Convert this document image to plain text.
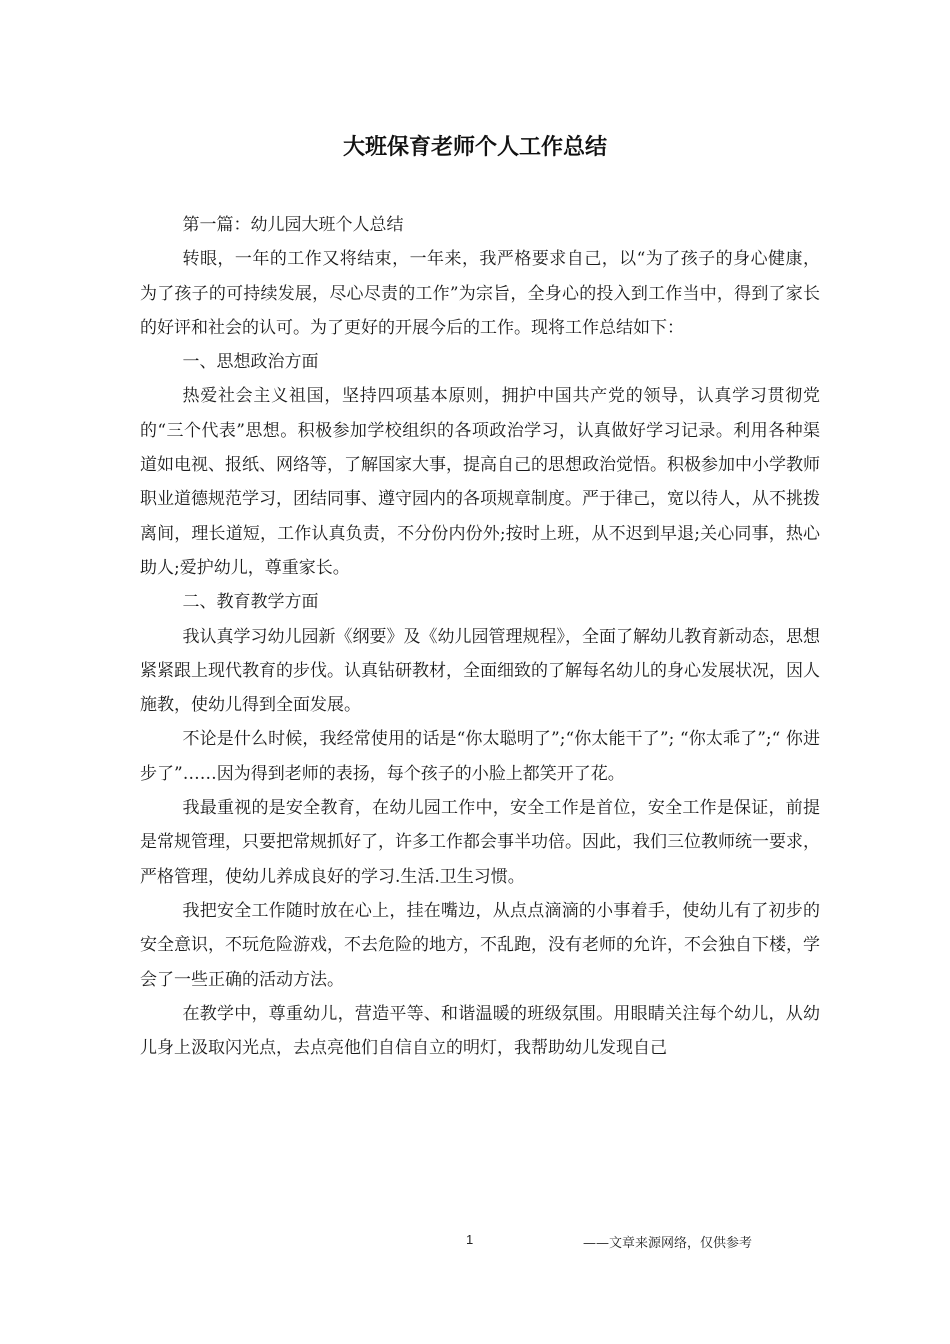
大班保育老师个人工作总结

第一篇：幼儿园大班个人总结

转眼，一年的工作又将结束，一年来，我严格要求自己，以“为了孩子的身心健康，为了孩子的可持续发展，尽心尽责的工作”为宗旨，全身心的投入到工作当中，得到了家长的好评和社会的认可。为了更好的开展今后的工作。现将工作总结如下：

一、思想政治方面

热爱社会主义祖国，坚持四项基本原则，拥护中国共产党的领导，认真学习贯彻党的“三个代表”思想。积极参加学校组织的各项政治学习，认真做好学习记录。利用各种渠道如电视、报纸、网络等，了解国家大事，提高自己的思想政治觉悟。积极参加中小学教师职业道德规范学习，团结同事、遵守园内的各项规章制度。严于律己，宽以待人，从不挑拨离间，理长道短，工作认真负责，不分份内份外;按时上班，从不迟到早退;关心同事，热心助人;爱护幼儿，尊重家长。

二、教育教学方面

我认真学习幼儿园新《纲要》及《幼儿园管理规程》，全面了解幼儿教育新动态，思想紧紧跟上现代教育的步伐。认真钻研教材，全面细致的了解每名幼儿的身心发展状况，因人施教，使幼儿得到全面发展。

不论是什么时候，我经常使用的话是“你太聪明了”;“你太能干了”; “你太乖了”;“ 你进步了”……因为得到老师的表扬，每个孩子的小脸上都笑开了花。

我最重视的是安全教育，在幼儿园工作中，安全工作是首位，安全工作是保证，前提是常规管理，只要把常规抓好了，许多工作都会事半功倍。因此，我们三位教师统一要求，严格管理，使幼儿养成良好的学习.生活.卫生习惯。

我把安全工作随时放在心上，挂在嘴边，从点点滴滴的小事着手，使幼儿有了初步的安全意识，不玩危险游戏，不去危险的地方，不乱跑，没有老师的允许，不会独自下楼，学会了一些正确的活动方法。

在教学中，尊重幼儿，营造平等、和谐温暖的班级氛围。用眼睛关注每个幼儿，从幼儿身上汲取闪光点，去点亮他们自信自立的明灯，我帮助幼儿发现自己

1	——文章来源网络，仅供参考
